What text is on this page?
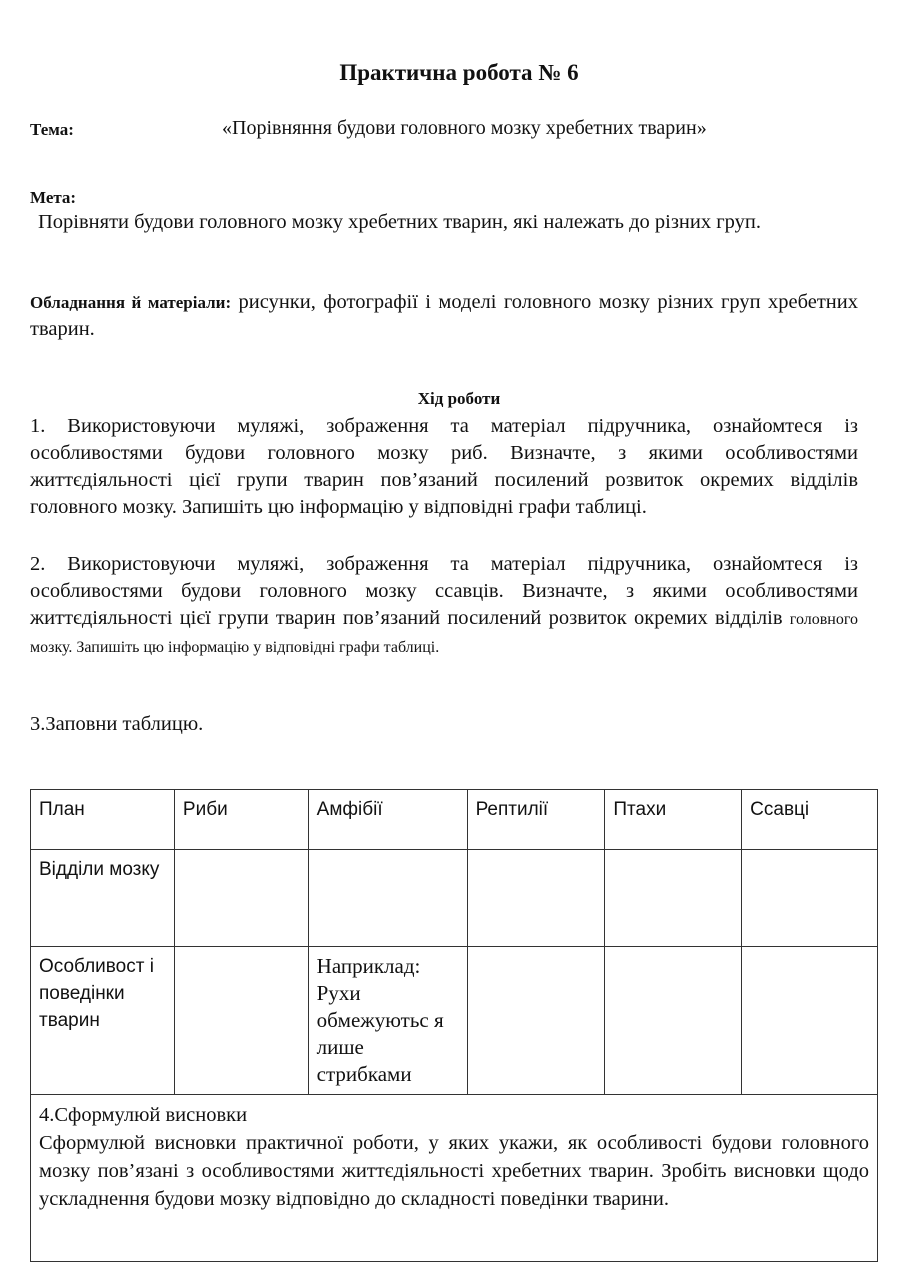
Практична робота № 6
Тема:	«Порівняння будови головного мозку хребетних тварин»
Мета:
Порівняти будови головного мозку хребетних тварин, які належать до різних груп.
Обладнання й матеріали: рисунки, фотографії і моделі головного мозку різних груп хребетних тварин.
Хід роботи
1. Використовуючи муляжі, зображення та матеріал підручника, ознайомтеся із особливостями будови головного мозку риб. Визначте, з якими особливостями життєдіяльності цієї групи тварин пов’язаний посилений розвиток окремих відділів головного мозку. Запишіть цю інформацію у відповідні графи таблиці.
2. Використовуючи муляжі, зображення та матеріал підручника, ознайомтеся із особливостями будови головного мозку ссавців. Визначте, з якими особливостями життєдіяльності цієї групи тварин пов’язаний посилений розвиток окремих відділів головного мозку. Запишіть цю інформацію у відповідні графи таблиці.
3.Заповни таблицю.
План	Риби	Амфібії	Рептилії	Птахи	Ссавці
Відділи мозку					
Особливост і поведінки тварин		Наприклад: Рухи обмежуютьс я лише стрибками			

4.Сформулюй висновки
Сформулюй висновки практичної роботи, у яких укажи, як особливості будови головного мозку пов’язані з особливостями життєдіяльності хребетних тварин. Зробіть висновки щодо ускладнення будови мозку відповідно до складності поведінки тварини.					
